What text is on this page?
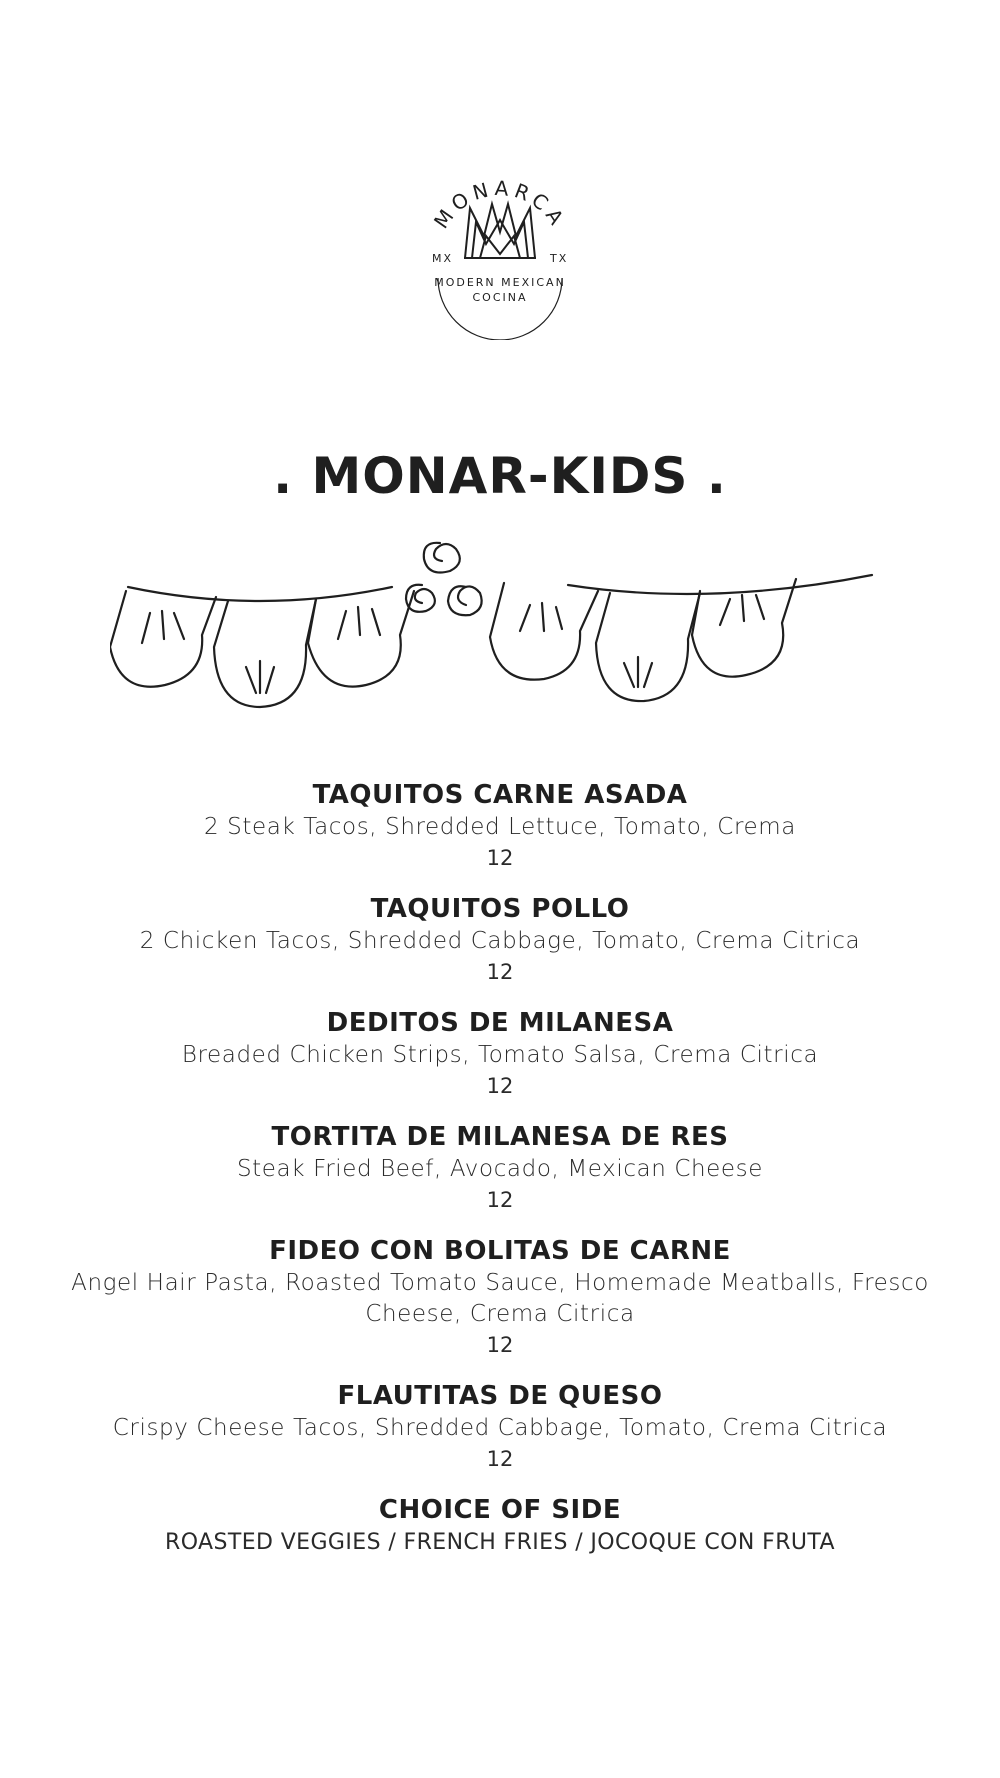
MONARCA
MX	TX
MODERN MEXICAN
COCINA
. MONAR-KIDS .
TAQUITOS CARNE ASADA
2 Steak Tacos, Shredded Lettuce, Tomato, Crema
12
TAQUITOS POLLO
2 Chicken Tacos, Shredded Cabbage, Tomato, Crema Citrica
12
DEDITOS DE MILANESA
Breaded Chicken Strips, Tomato Salsa, Crema Citrica
12
TORTITA DE MILANESA DE RES
Steak Fried Beef, Avocado, Mexican Cheese
12
FIDEO CON BOLITAS DE CARNE
Angel Hair Pasta, Roasted Tomato Sauce, Homemade Meatballs, Fresco Cheese, Crema Citrica
12
FLAUTITAS DE QUESO
Crispy Cheese Tacos, Shredded Cabbage, Tomato, Crema Citrica
12
CHOICE OF SIDE
ROASTED VEGGIES / FRENCH FRIES / JOCOQUE CON FRUTA
